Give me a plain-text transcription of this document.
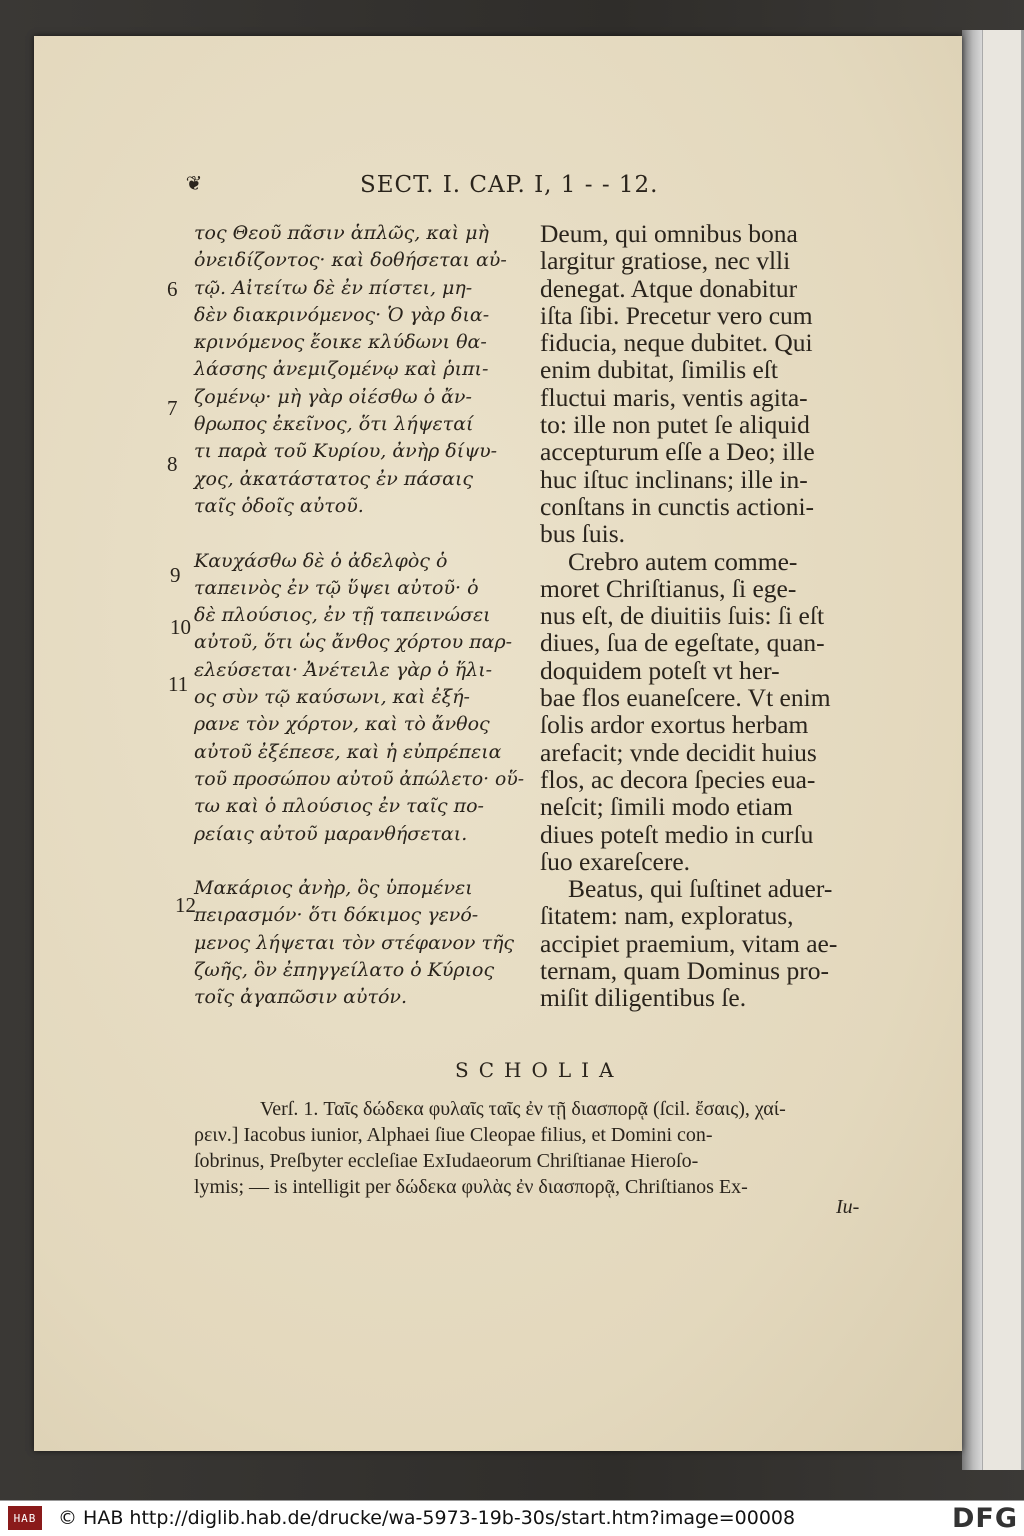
❦	SECT. I. CAP. I, 1 - - 12.
τος Θεοῦ πᾶσιν ἁπλῶς, καὶ μὴ
ὀνειδίζοντος· καὶ δοθήσεται αὐ-
τῷ. Αἰτείτω δὲ ἐν πίστει, μη-
δὲν διακρινόμενος· Ὁ γὰρ δια-
κρινόμενος ἔοικε κλύδωνι θα-
λάσσης ἀνεμιζομένῳ καὶ ῥιπι-
ζομένῳ· μὴ γὰρ οἰέσθω ὁ ἄν-
θρωπος ἐκεῖνος, ὅτι λήψεταί
τι παρὰ τοῦ Κυρίου, ἀνὴρ δίψυ-
χος, ἀκατάστατος ἐν πάσαις
ταῖς ὁδοῖς αὐτοῦ.
Καυχάσθω δὲ ὁ ἀδελφὸς ὁ
ταπεινὸς ἐν τῷ ὕψει αὐτοῦ· ὁ
δὲ πλούσιος, ἐν τῇ ταπεινώσει
αὐτοῦ, ὅτι ὡς ἄνθος χόρτου παρ-
ελεύσεται· Ἀνέτειλε γὰρ ὁ ἥλι-
ος σὺν τῷ καύσωνι, καὶ ἐξή-
ρανε τὸν χόρτον, καὶ τὸ ἄνθος
αὐτοῦ ἐξέπεσε, καὶ ἡ εὐπρέπεια
τοῦ προσώπου αὐτοῦ ἀπώλετο· οὕ-
τω καὶ ὁ πλούσιος ἐν ταῖς πο-
ρείαις αὐτοῦ μαρανθήσεται.
Μακάριος ἀνὴρ, ὃς ὑπομένει
πειρασμόν· ὅτι δόκιμος γενό-
μενος λήψεται τὸν στέφανον τῆς
ζωῆς, ὃν ἐπηγγείλατο ὁ Κύριος
τοῖς ἀγαπῶσιν αὐτόν.
Deum, qui omnibus bona
largitur gratiose, nec vlli
denegat. Atque donabitur
iſta ſibi. Precetur vero cum
fiducia, neque dubitet. Qui
enim dubitat, ſimilis eſt
fluctui maris, ventis agita-
to: ille non putet ſe aliquid
accepturum eſſe a Deo; ille
huc iſtuc inclinans; ille in-
conſtans in cunctis actioni-
bus ſuis.
Crebro autem comme-
moret Chriſtianus, ſi ege-
nus eſt, de diuitiis ſuis: ſi eſt
diues, ſua de egeſtate, quan-
doquidem poteſt vt her-
bae flos euaneſcere. Vt enim
ſolis ardor exortus herbam
arefacit; vnde decidit huius
flos, ac decora ſpecies eua-
neſcit; ſimili modo etiam
diues poteſt medio in curſu
ſuo exareſcere.
Beatus, qui ſuſtinet aduer-
ſitatem: nam, exploratus,
accipiet praemium, vitam ae-
ternam, quam Dominus pro-
miſit diligentibus ſe.
6
7
8
9
10
11
12
SCHOLIA
Verſ. 1. Ταῖς δώδεκα φυλαῖς ταῖς ἐν τῇ διασπορᾷ (ſcil. ἔσαις), χαί-
ρειν.] Iacobus iunior, Alphaei ſiue Cleopae filius, et Domini con-
ſobrinus, Preſbyter eccleſiae ExIudaeorum Chriſtianae Hieroſo-
lymis; — is intelligit per δώδεκα φυλὰς ἐν διασπορᾷ, Chriſtianos Ex-
Iu-
HAB © HAB http://diglib.hab.de/drucke/wa-5973-19b-30s/start.htm?image=00008	DFG
